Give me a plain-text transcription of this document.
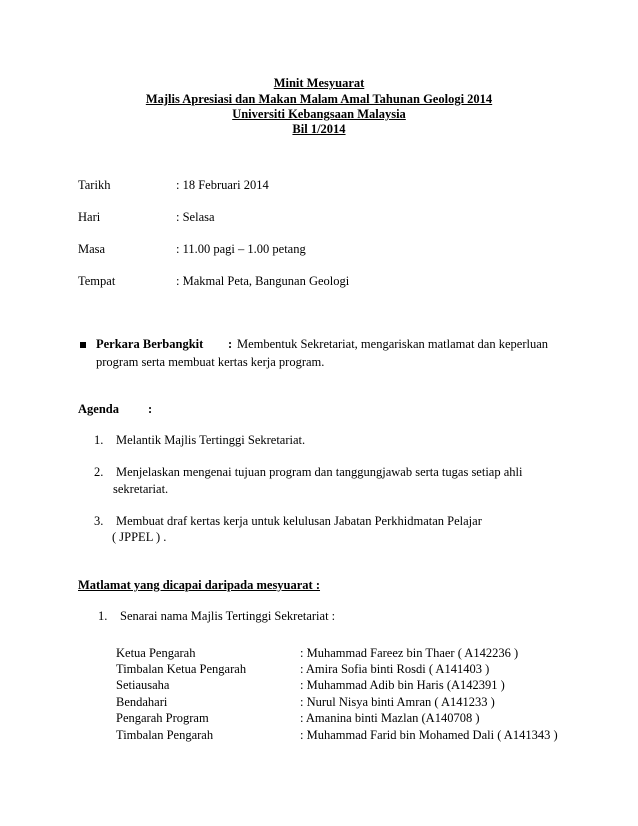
Minit Mesyuarat
Majlis Apresiasi dan Makan Malam Amal Tahunan Geologi 2014
Universiti Kebangsaan Malaysia
Bil 1/2014
Tarikh	: 18 Februari 2014
Hari	: Selasa
Masa	: 11.00 pagi – 1.00 petang
Tempat	: Makmal Peta, Bangunan Geologi
Perkara Berbangkit : Membentuk Sekretariat, mengariskan matlamat dan keperluan
program serta membuat kertas kerja program.
Agenda :
1. Melantik Majlis Tertinggi Sekretariat.
2. Menjelaskan mengenai tujuan program dan tanggungjawab serta tugas setiap ahli
sekretariat.
3. Membuat draf kertas kerja untuk kelulusan Jabatan Perkhidmatan Pelajar
( JPPEL ) .
Matlamat yang dicapai daripada mesyuarat :
1. Senarai nama Majlis Tertinggi Sekretariat :
Ketua Pengarah	: Muhammad Fareez bin Thaer ( A142236 )
Timbalan Ketua Pengarah	: Amira Sofia binti Rosdi ( A141403 )
Setiausaha	: Muhammad Adib bin Haris (A142391 )
Bendahari	: Nurul Nisya binti Amran ( A141233 )
Pengarah Program	: Amanina binti Mazlan (A140708 )
Timbalan Pengarah	: Muhammad Farid bin Mohamed Dali ( A141343 )
